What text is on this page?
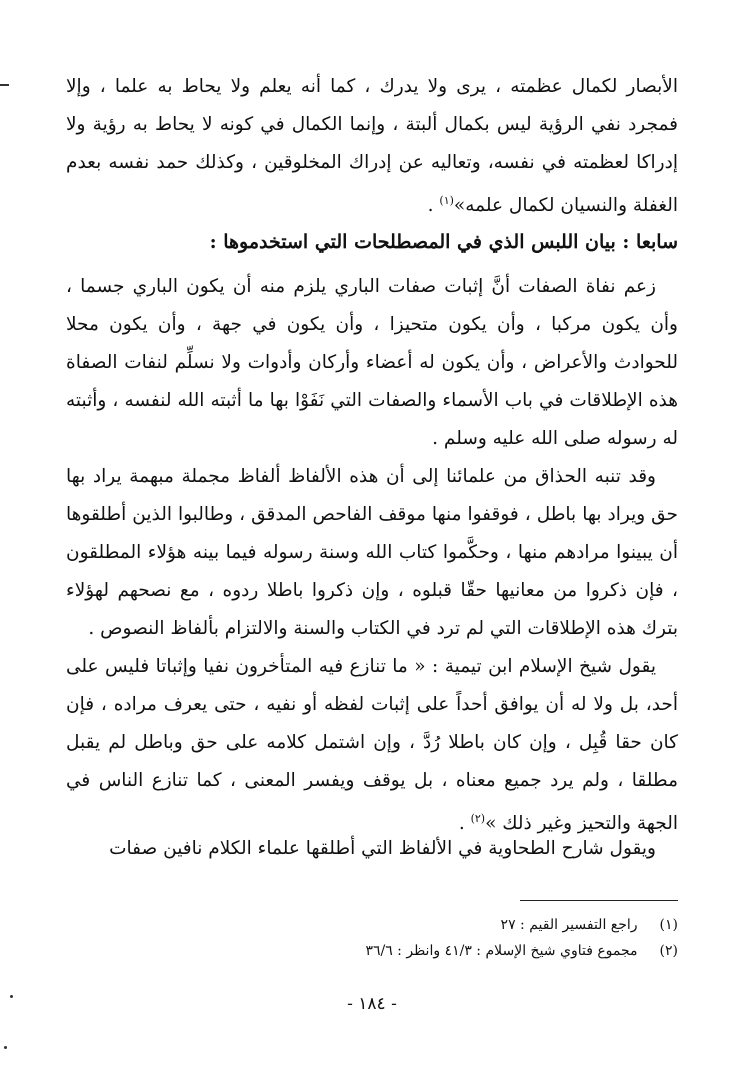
الأبصار لكمال عظمته ، يرى ولا يدرك ، كما أنه يعلم ولا يحاط به علما ، وإلا فمجرد نفي الرؤية ليس بكمال ألبتة ، وإنما الكمال في كونه لا يحاط به رؤية ولا إدراكا لعظمته في نفسه، وتعاليه عن إدراك المخلوقين ، وكذلك حمد نفسه بعدم الغفلة والنسيان لكمال علمه»$^{(١)}$ .

سابعا : بيان اللبس الذي في المصطلحات التي استخدموها :

زعم نفاة الصفات أنَّ إثبات صفات الباري يلزم منه أن يكون الباري جسما ، وأن يكون مركبا ، وأن يكون متحيزا ، وأن يكون في جهة ، وأن يكون محلا للحوادث والأعراض ، وأن يكون له أعضاء وأركان وأدوات ولا نسلِّم لنفات الصفاة هذه الإطلاقات في باب الأسماء والصفات التي نَفَوْا بها ما أثبته الله لنفسه ، وأثبته له رسوله صلى الله عليه وسلم .

وقد تنبه الحذاق من علمائنا إلى أن هذه الألفاظ ألفاظ مجملة مبهمة يراد بها حق ويراد بها باطل ، فوقفوا منها موقف الفاحص المدقق ، وطالبوا الذين أطلقوها أن يبينوا مرادهم منها ، وحكَّموا كتاب الله وسنة رسوله فيما بينه هؤلاء المطلقون ، فإن ذكروا من معانيها حقّا قبلوه ، وإن ذكروا باطلا ردوه ، مع نصحهم لهؤلاء بترك هذه الإطلاقات التي لم ترد في الكتاب والسنة والالتزام بألفاظ النصوص .

يقول شيخ الإسلام ابن تيمية : « ما تنازع فيه المتأخرون نفيا وإثباتا فليس على أحد، بل ولا له أن يوافق أحداً على إثبات لفظه أو نفيه ، حتى يعرف مراده ، فإن كان حقا قُبِل ، وإن كان باطلا رُدَّ ، وإن اشتمل كلامه على حق وباطل لم يقبل مطلقا ، ولم يرد جميع معناه ، بل يوقف ويفسر المعنى ، كما تنازع الناس في الجهة والتحيز وغير ذلك »$^{(٢)}$ .

ويقول شارح الطحاوية في الألفاظ التي أطلقها علماء الكلام نافين صفات

(١) راجع التفسير القيم : ٢٧
(٢) مجموع فتاوي شيخ الإسلام : ٤١/٣ وانظر : ٣٦/٦
- ١٨٤ -
